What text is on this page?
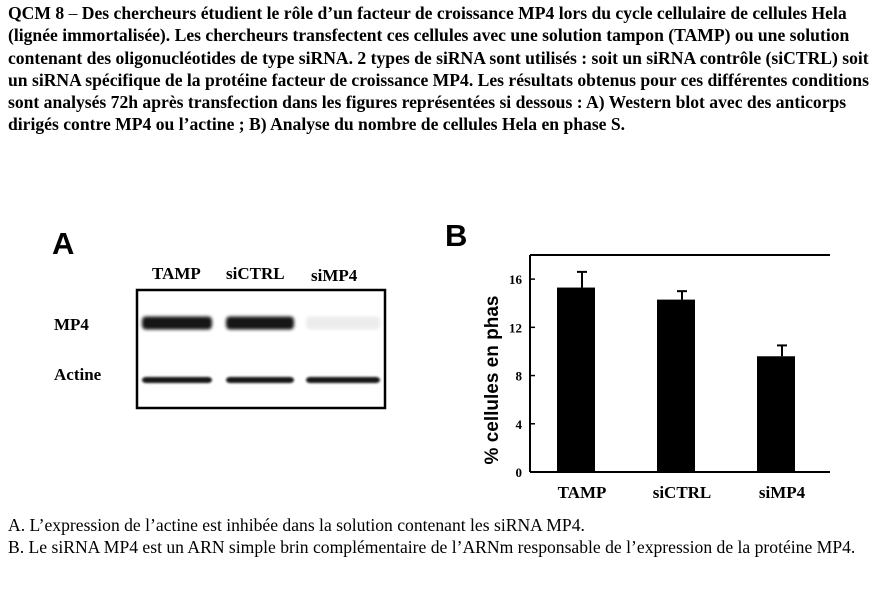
QCM 8 – Des chercheurs étudient le rôle d’un facteur de croissance MP4 lors du cycle cellulaire de cellules Hela (lignée immortalisée). Les chercheurs transfectent ces cellules avec une solution tampon (TAMP) ou une solution contenant des oligonucléotides de type siRNA. 2 types de siRNA sont utilisés : soit un siRNA contrôle (siCTRL) soit un siRNA spécifique de la protéine facteur de croissance MP4. Les résultats obtenus pour ces différentes conditions sont analysés 72h après transfection dans les figures représentées si dessous : A) Western blot avec des anticorps dirigés contre MP4 ou l’actine ; B) Analyse du nombre de cellules Hela en phase S.
A
TAMP siCTRL siMP4
MP4
Actine
B
0
4
8
12
16
TAMP	siCTRL	siMP4
% cellules en phas
A. L’expression de l’actine est inhibée dans la solution contenant les siRNA MP4.
B. Le siRNA MP4 est un ARN simple brin complémentaire de l’ARNm responsable de l’expression de la protéine MP4.
